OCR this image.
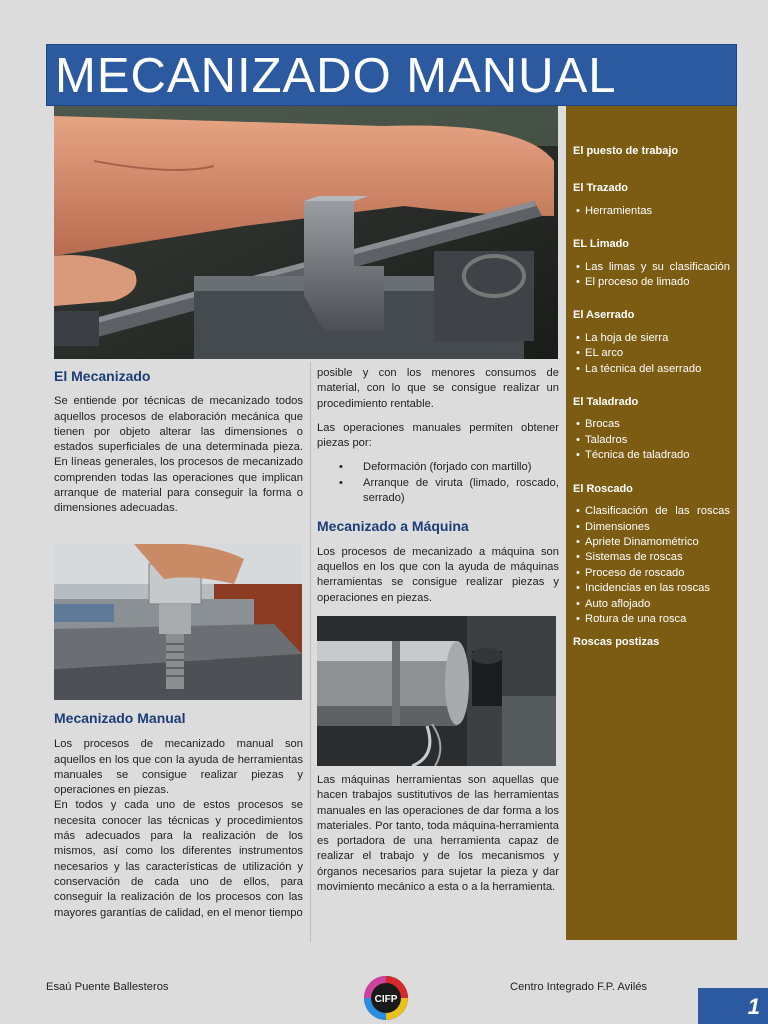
MECANIZADO MANUAL
El Mecanizado

Se entiende por técnicas de mecanizado todos aquellos procesos de elaboración mecánica que tienen por objeto alterar las dimensiones o estados superficiales de una determinada pieza. En líneas generales, los procesos de mecanizado comprenden todas las operaciones que implican arranque de material para conseguir la forma o dimensiones adecuadas.

Mecanizado Manual

Los procesos de mecanizado manual son aquellos en los que con la ayuda de herramientas manuales se consigue realizar piezas y operaciones en piezas.

En todos y cada uno de estos procesos se necesita conocer las técnicas y procedimientos más adecuados para la realización de los mismos, así como los diferentes instrumentos necesarios y las características de utilización y conservación de cada uno de ellos, para conseguir la realización de los procesos con las mayores garantías de calidad, en el menor tiempo

posible y con los menores consumos de material, con lo que se consigue realizar un procedimiento rentable.

Las operaciones manuales permiten obtener piezas por:

• Deformación (forjado con martillo)
• Arranque de viruta (limado, roscado, serrado)
Mecanizado a Máquina

Los procesos de mecanizado a máquina son aquellos en los que con la ayuda de máquinas herramientas se consigue realizar piezas y operaciones en piezas.

Las máquinas herramientas son aquellas que hacen trabajos sustitutivos de las herramientas manuales en las operaciones de dar forma a los materiales. Por tanto, toda máquina-herramienta es portadora de una herramienta capaz de realizar el trabajo y de los mecanismos y órganos necesarios para sujetar la pieza y dar movimiento mecánico a esta o a la herramienta.

El puesto de trabajo
El Trazado
• Herramientas
EL Limado
• Las limas y su clasificación
• El proceso de limado
El Aserrado
• La hoja de sierra
• EL arco
• La técnica del aserrado
El Taladrado
• Brocas
• Taladros
• Técnica de taladrado
El Roscado
• Clasificación de las roscas
• Dimensiones
• Apriete Dinamométrico
• Sistemas de roscas
• Proceso de roscado
• Incidencias en las roscas
• Auto aflojado
• Rotura de una rosca
Roscas postizas
Esaú Puente Ballesteros
CIFP
Centro Integrado F.P. Avilés
1
